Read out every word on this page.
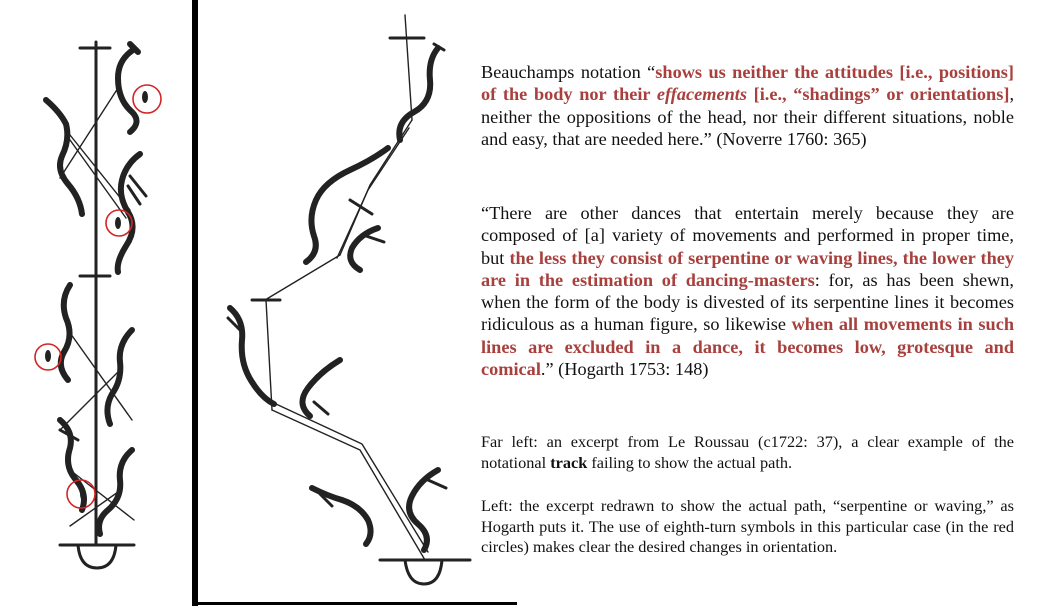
Beauchamps notation “shows us neither the attitudes [i.e., positions] of the body nor their effacements [i.e., “shadings” or orientations], neither the oppositions of the head, nor their different situations, noble and easy, that are needed here.” (Noverre 1760: 365)

“There are other dances that entertain merely because they are composed of [a] variety of movements and performed in proper time, but the less they consist of serpentine or waving lines, the lower they are in the estimation of dancing-masters: for, as has been shewn, when the form of the body is divested of its serpentine lines it becomes ridiculous as a human figure, so likewise when all movements in such lines are excluded in a dance, it becomes low, grotesque and comical.” (Hogarth 1753: 148)

Far left: an excerpt from Le Roussau (c1722: 37), a clear example of the notational track failing to show the actual path.

Left: the excerpt redrawn to show the actual path, “serpentine or waving,” as Hogarth puts it. The use of eighth-turn symbols in this particular case (in the red circles) makes clear the desired changes in orientation.
